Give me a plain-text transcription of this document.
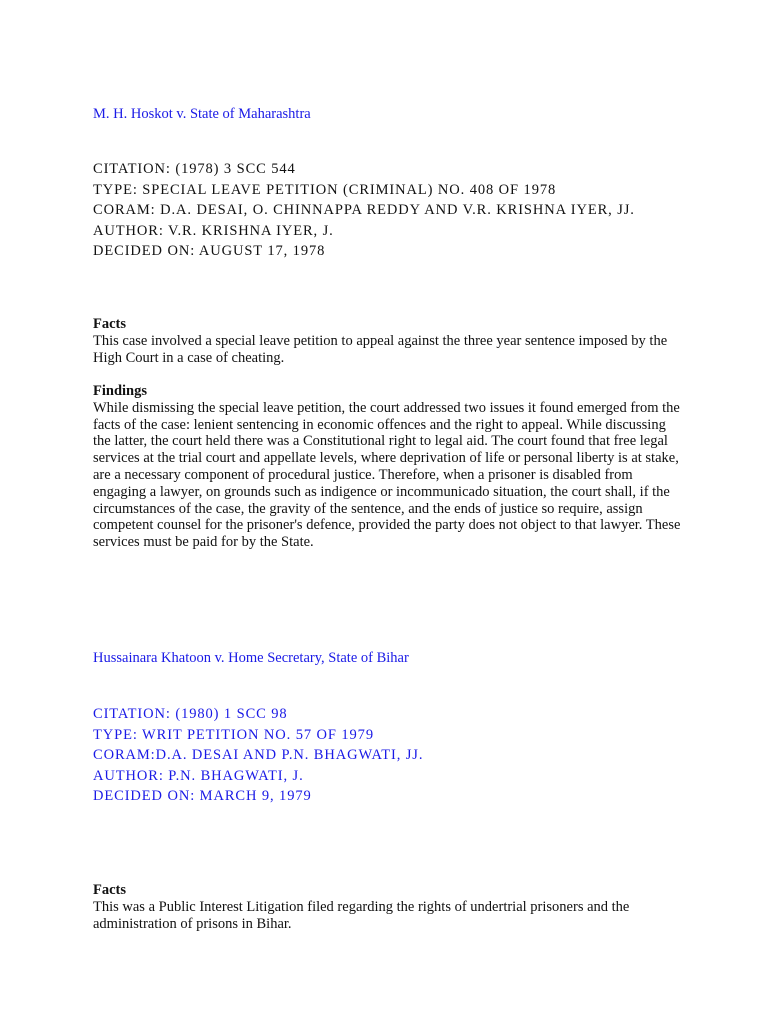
M. H. Hoskot v. State of Maharashtra
CITATION: (1978) 3 SCC 544
TYPE: SPECIAL LEAVE PETITION (CRIMINAL) NO. 408 OF 1978
CORAM: D.A. DESAI, O. CHINNAPPA REDDY AND V.R. KRISHNA IYER, JJ.
AUTHOR: V.R. KRISHNA IYER, J.
DECIDED ON: AUGUST 17, 1978

Facts

This case involved a special leave petition to appeal against the three year sentence imposed by the High Court in a case of cheating.

Findings

While dismissing the special leave petition, the court addressed two issues it found emerged from the facts of the case: lenient sentencing in economic offences and the right to appeal. While discussing the latter, the court held there was a Constitutional right to legal aid. The court found that free legal services at the trial court and appellate levels, where deprivation of life or personal liberty is at stake, are a necessary component of procedural justice. Therefore, when a prisoner is disabled from engaging a lawyer, on grounds such as indigence or incommunicado situation, the court shall, if the circumstances of the case, the gravity of the sentence, and the ends of justice so require, assign competent counsel for the prisoner's defence, provided the party does not object to that lawyer. These services must be paid for by the State.

Hussainara Khatoon v. Home Secretary, State of Bihar
CITATION: (1980) 1 SCC 98
TYPE: WRIT PETITION NO. 57 OF 1979
CORAM:D.A. DESAI AND P.N. BHAGWATI, JJ.
AUTHOR: P.N. BHAGWATI, J.
DECIDED ON: MARCH 9, 1979

Facts

This was a Public Interest Litigation filed regarding the rights of undertrial prisoners and the administration of prisons in Bihar.
